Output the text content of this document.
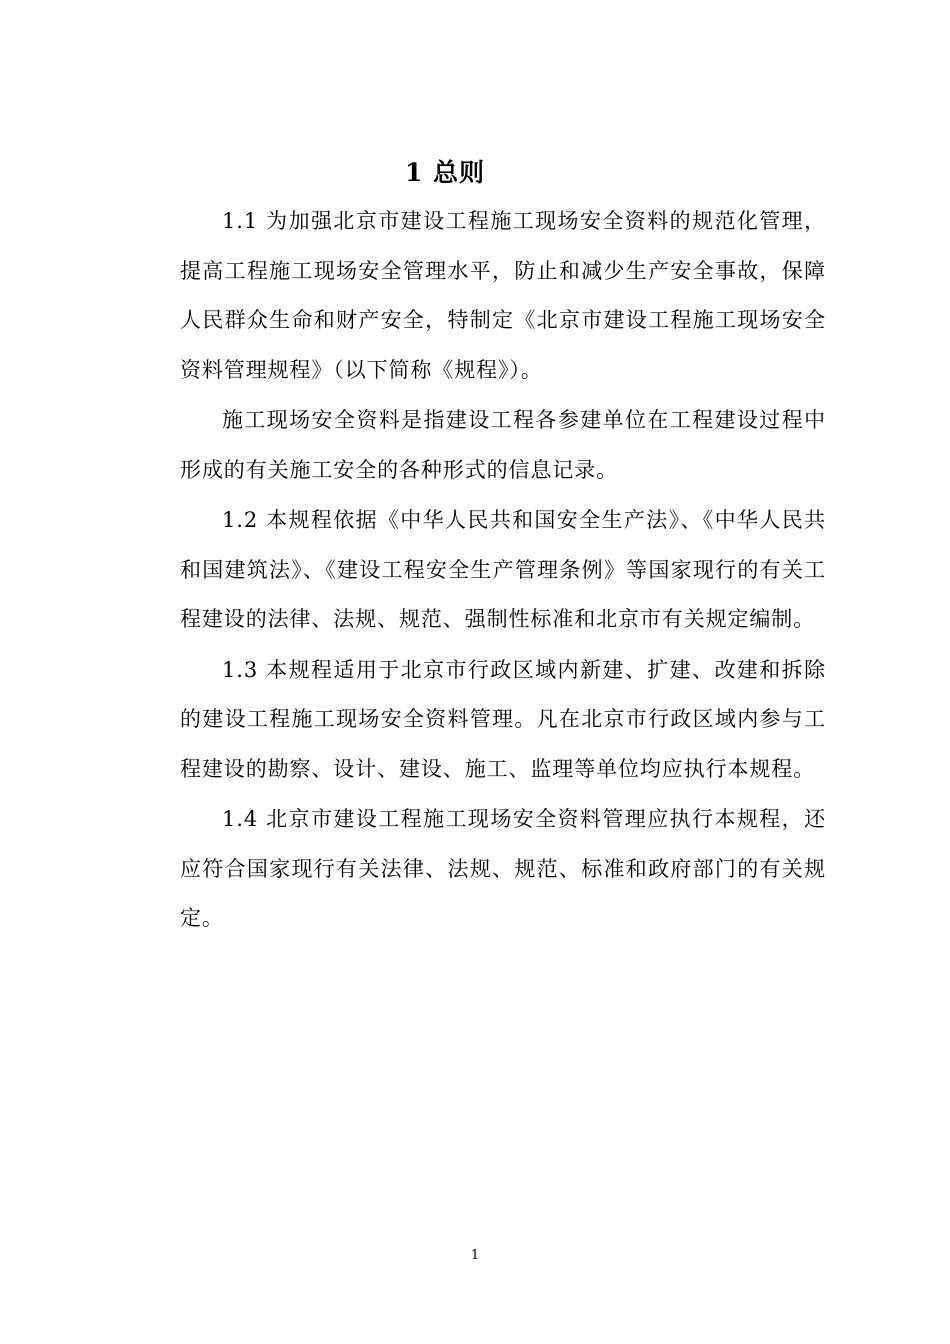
1 总则

1.1 为加强北京市建设工程施工现场安全资料的规范化管理，提高工程施工现场安全管理水平，防止和减少生产安全事故，保障人民群众生命和财产安全，特制定《北京市建设工程施工现场安全资料管理规程》（以下简称《规程》）。

施工现场安全资料是指建设工程各参建单位在工程建设过程中形成的有关施工安全的各种形式的信息记录。

1.2 本规程依据《中华人民共和国安全生产法》、《中华人民共和国建筑法》、《建设工程安全生产管理条例》等国家现行的有关工程建设的法律、法规、规范、强制性标准和北京市有关规定编制。

1.3 本规程适用于北京市行政区域内新建、扩建、改建和拆除的建设工程施工现场安全资料管理。凡在北京市行政区域内参与工程建设的勘察、设计、建设、施工、监理等单位均应执行本规程。

1.4 北京市建设工程施工现场安全资料管理应执行本规程，还应符合国家现行有关法律、法规、规范、标准和政府部门的有关规定。

1
